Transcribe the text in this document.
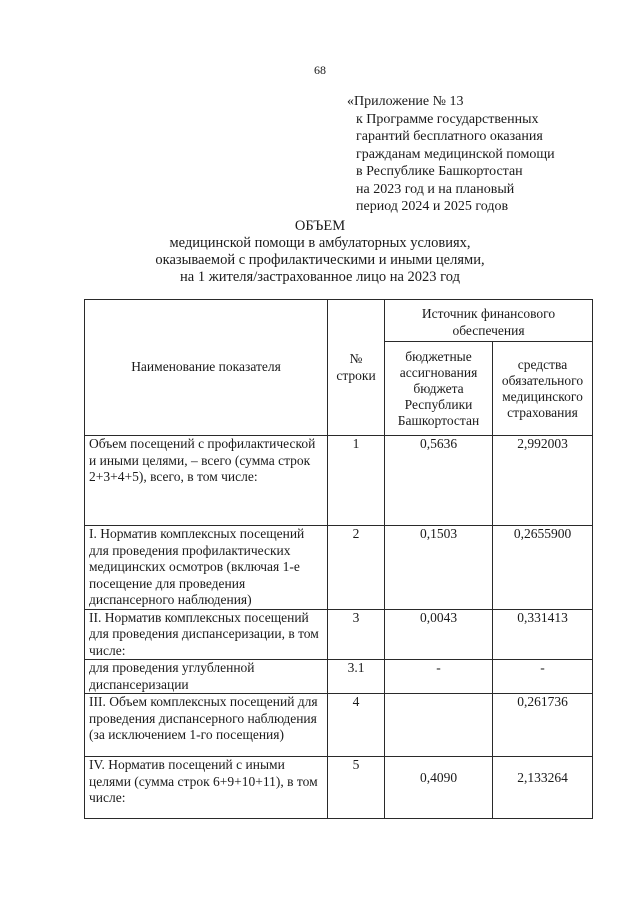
68
«Приложение № 13
к Программе государственных
гарантий бесплатного оказания
гражданам медицинской помощи
в Республике Башкортостан
на 2023 год и на плановый
период 2024 и 2025 годов
ОБЪЕМ
медицинской помощи в амбулаторных условиях,
оказываемой с профилактическими и иными целями,
на 1 жителя/застрахованное лицо на 2023 год
Наименование показателя	№ строки	Источник финансового обеспечения	
		бюджетные ассигнования бюджета Республики Башкортостан	средства обязательного медицинского страхования
Объем посещений с профилактической и иными целями, – всего (сумма строк 2+3+4+5), всего, в том числе:	1	0,5636	2,992003
I. Норматив комплексных посещений для проведения профилактических медицинских осмотров (включая 1-е посещение для проведения диспансерного наблюдения)	2	0,1503	0,2655900
II. Норматив комплексных посещений для проведения диспансеризации, в том числе:	3	0,0043	0,331413
для проведения углубленной диспансеризации	3.1	-	-
III. Объем комплексных посещений для проведения диспансерного наблюдения (за исключением 1-го посещения)	4		0,261736
IV. Норматив посещений с иными целями (сумма строк 6+9+10+11), в том числе:	5	0,4090	2,133264
